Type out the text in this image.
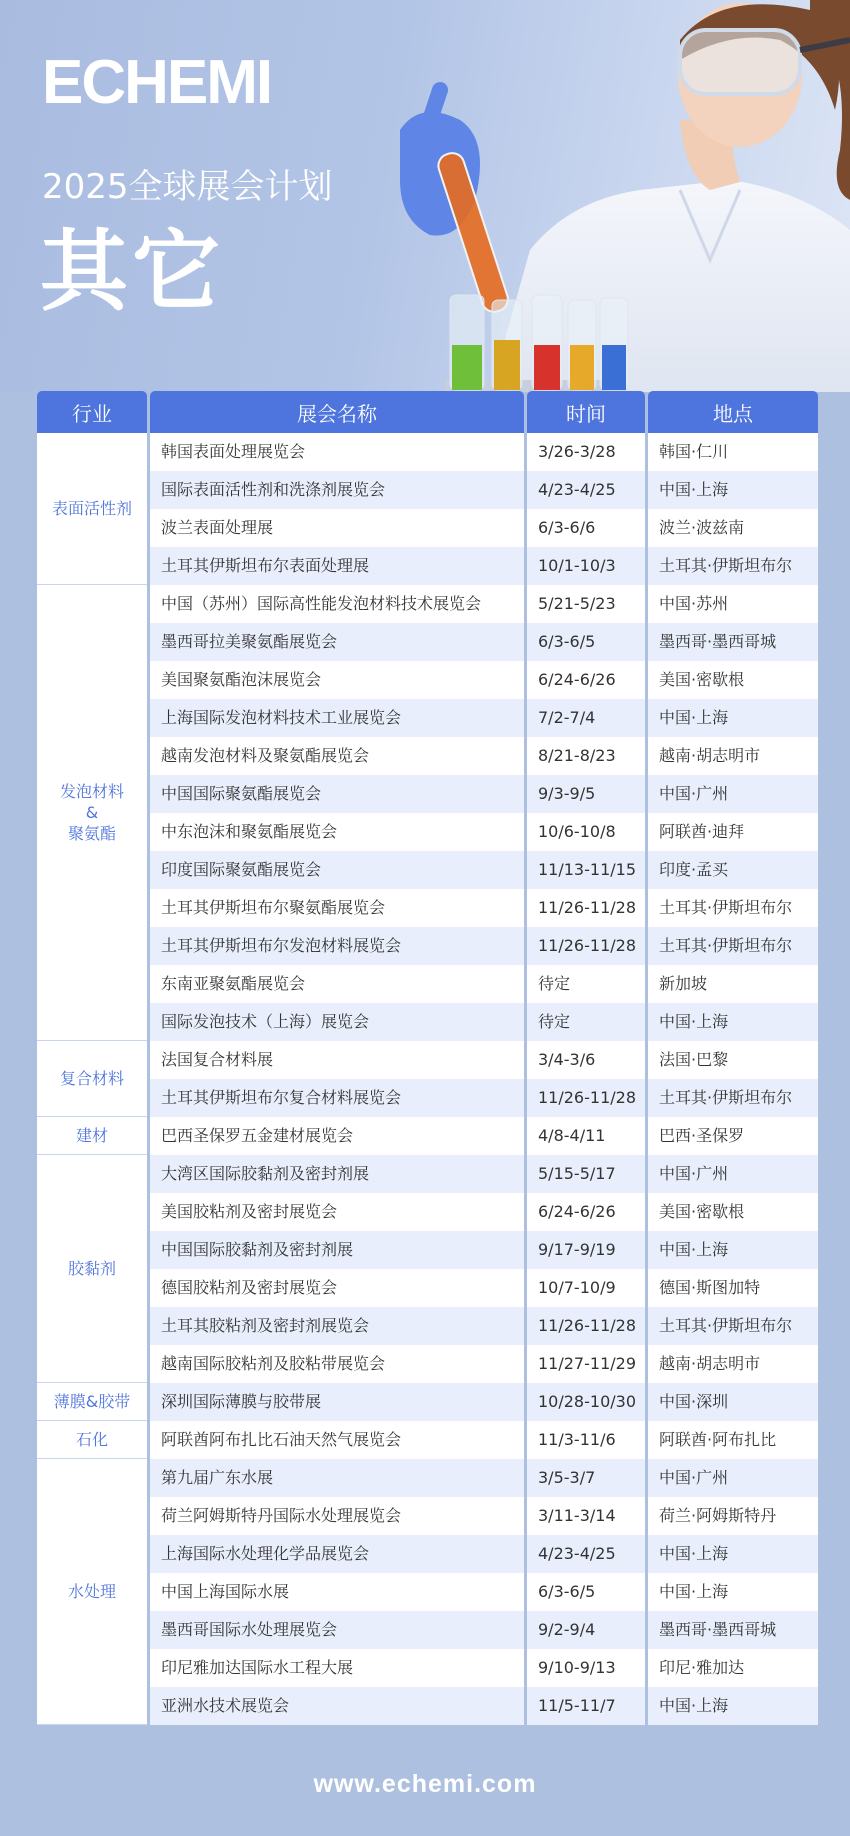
ECHEMI
2025全球展会计划
其它
行业	展会名称	时间	地点
表面活性剂
韩国表面处理展览会	3/26-3/28	韩国·仁川
国际表面活性剂和洗涤剂展览会	4/23-4/25	中国·上海
波兰表面处理展	6/3-6/6	波兰·波兹南
土耳其伊斯坦布尔表面处理展	10/1-10/3	土耳其·伊斯坦布尔
发泡材料
&
聚氨酯
中国（苏州）国际高性能发泡材料技术展览会	5/21-5/23	中国·苏州
墨西哥拉美聚氨酯展览会	6/3-6/5	墨西哥·墨西哥城
美国聚氨酯泡沫展览会	6/24-6/26	美国·密歇根
上海国际发泡材料技术工业展览会	7/2-7/4	中国·上海
越南发泡材料及聚氨酯展览会	8/21-8/23	越南·胡志明市
中国国际聚氨酯展览会	9/3-9/5	中国·广州
中东泡沫和聚氨酯展览会	10/6-10/8	阿联酋·迪拜
印度国际聚氨酯展览会	11/13-11/15	印度·孟买
土耳其伊斯坦布尔聚氨酯展览会	11/26-11/28	土耳其·伊斯坦布尔
土耳其伊斯坦布尔发泡材料展览会	11/26-11/28	土耳其·伊斯坦布尔
东南亚聚氨酯展览会	待定	新加坡
国际发泡技术（上海）展览会	待定	中国·上海
复合材料
法国复合材料展	3/4-3/6	法国·巴黎
土耳其伊斯坦布尔复合材料展览会	11/26-11/28	土耳其·伊斯坦布尔
建材	巴西圣保罗五金建材展览会	4/8-4/11	巴西·圣保罗
胶黏剂
大湾区国际胶黏剂及密封剂展	5/15-5/17	中国·广州
美国胶粘剂及密封展览会	6/24-6/26	美国·密歇根
中国国际胶黏剂及密封剂展	9/17-9/19	中国·上海
德国胶粘剂及密封展览会	10/7-10/9	德国·斯图加特
土耳其胶粘剂及密封剂展览会	11/26-11/28	土耳其·伊斯坦布尔
越南国际胶粘剂及胶粘带展览会	11/27-11/29	越南·胡志明市
薄膜&胶带	深圳国际薄膜与胶带展	10/28-10/30	中国·深圳
石化	阿联酋阿布扎比石油天然气展览会	11/3-11/6	阿联酋·阿布扎比
水处理
第九届广东水展	3/5-3/7	中国·广州
荷兰阿姆斯特丹国际水处理展览会	3/11-3/14	荷兰·阿姆斯特丹
上海国际水处理化学品展览会	4/23-4/25	中国·上海
中国上海国际水展	6/3-6/5	中国·上海
墨西哥国际水处理展览会	9/2-9/4	墨西哥·墨西哥城
印尼雅加达国际水工程大展	9/10-9/13	印尼·雅加达
亚洲水技术展览会	11/5-11/7	中国·上海
www.echemi.com
